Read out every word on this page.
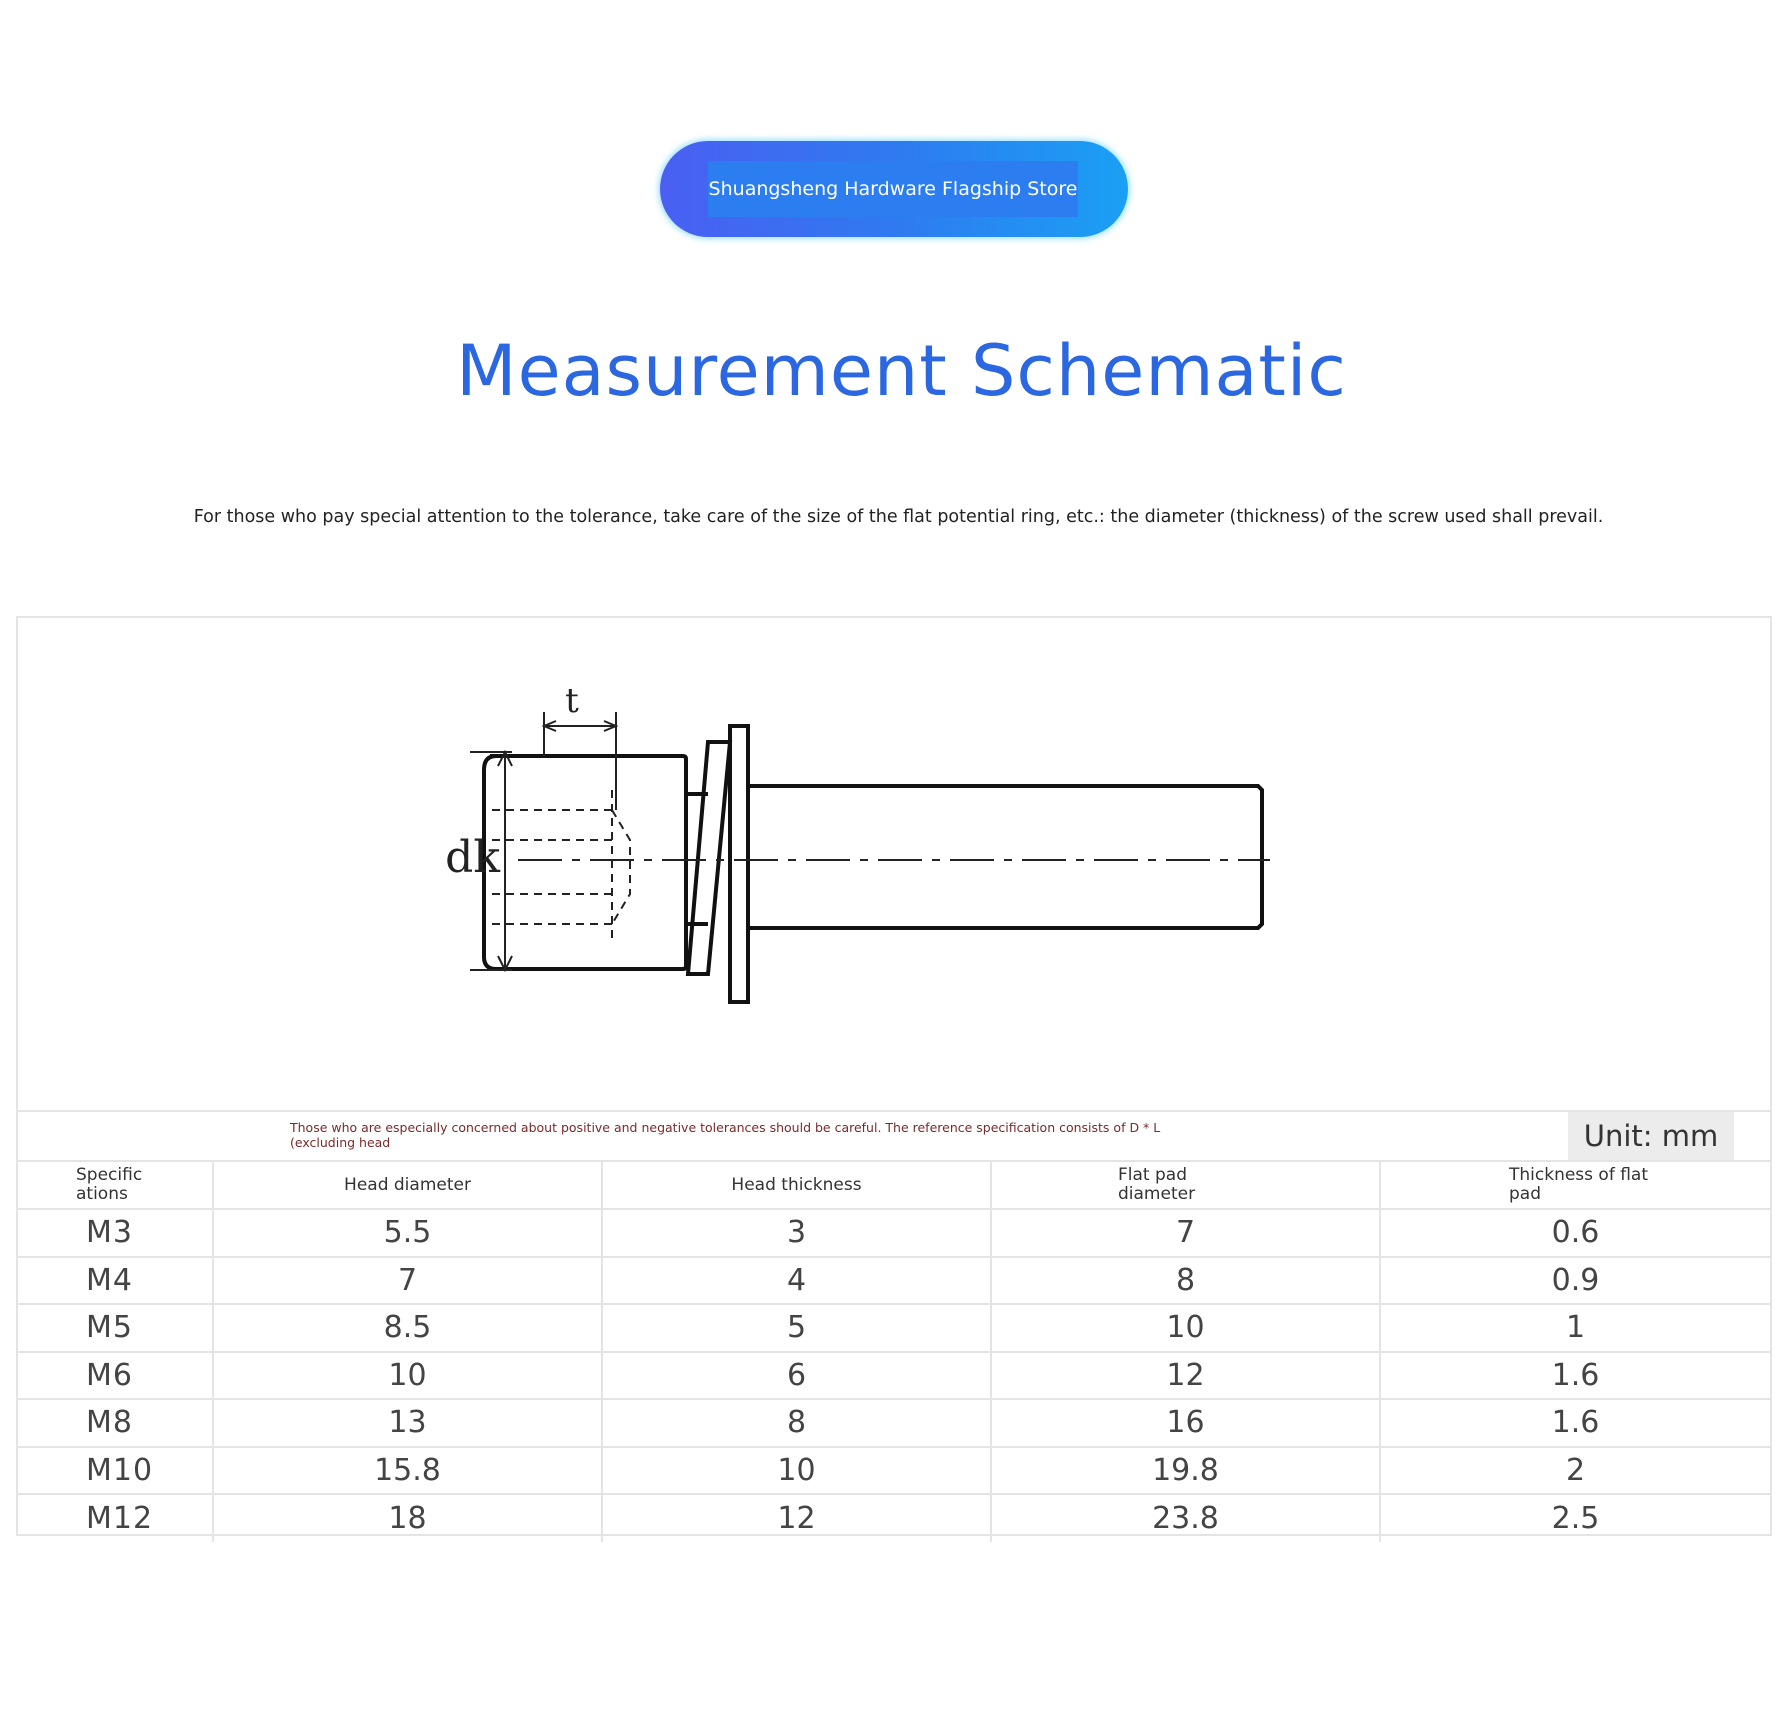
Shuangsheng Hardware Flagship Store
Measurement Schematic
For those who pay special attention to the tolerance, take care of the size of the flat potential ring, etc.: the diameter (thickness) of the screw used shall prevail.
t
dk
Those who are especially concerned about positive and negative tolerances should be careful. The reference specification consists of D * L (excluding head	Unit: mm
Specific ations	Head diameter	Head thickness	Flat pad diameter	Thickness of flat pad
M3	5.5	3	7	0.6
M4	7	4	8	0.9
M5	8.5	5	10	1
M6	10	6	12	1.6
M8	13	8	16	1.6
M10	15.8	10	19.8	2
M12	18	12	23.8	2.5
